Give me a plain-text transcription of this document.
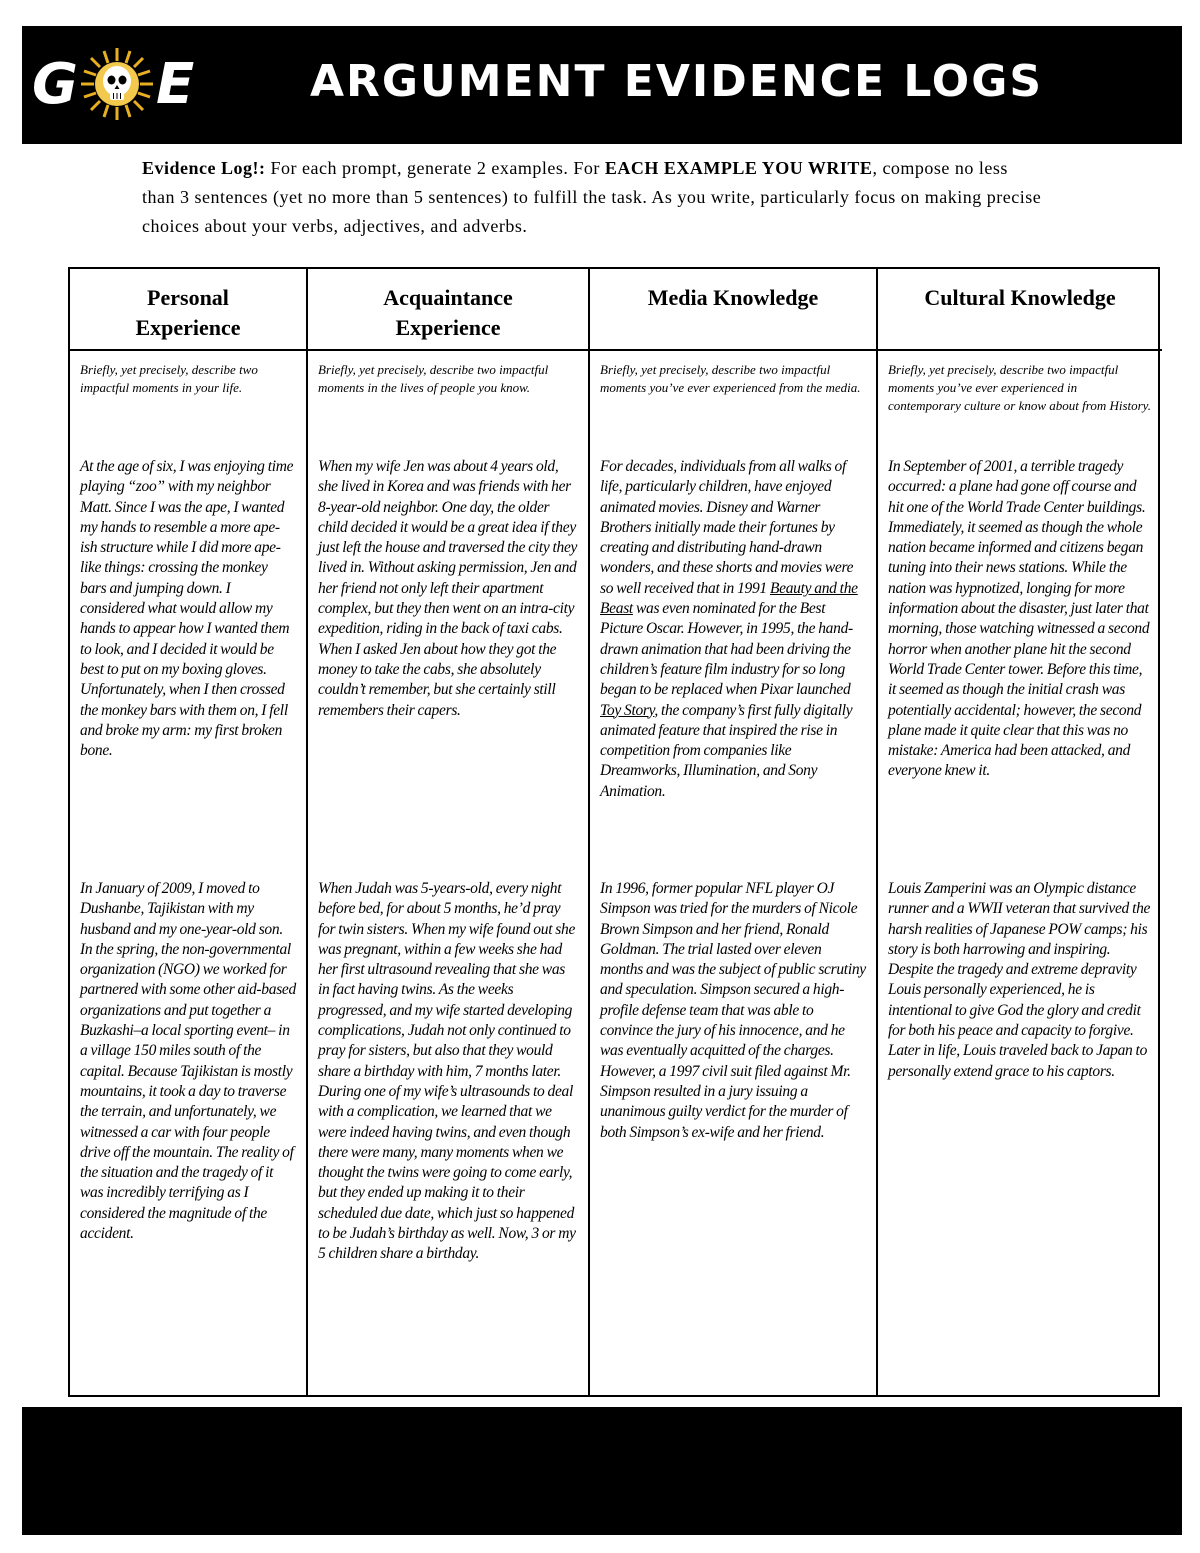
G E	ARGUMENT EVIDENCE LOGS
Evidence Log!: For each prompt, generate 2 examples. For EACH EXAMPLE YOU WRITE, compose no less than 3 sentences (yet no more than 5 sentences) to fulfill the task. As you write, particularly focus on making precise choices about your verbs, adjectives, and adverbs.
Personal
Experience
Briefly, yet precisely, describe two impactful moments in your life.
At the age of six, I was enjoying time playing “zoo” with my neighbor Matt. Since I was the ape, I wanted my hands to resemble a more ape-ish structure while I did more ape-like things: crossing the monkey bars and jumping down. I considered what would allow my hands to appear how I wanted them to look, and I decided it would be best to put on my boxing gloves. Unfortunately, when I then crossed the monkey bars with them on, I fell and broke my arm: my first broken bone.
In January of 2009, I moved to Dushanbe, Tajikistan with my husband and my one-year-old son. In the spring, the non-governmental organization (NGO) we worked for partnered with some other aid-based organizations and put together a Buzkashi–a local sporting event– in a village 150 miles south of the capital. Because Tajikistan is mostly mountains, it took a day to traverse the terrain, and unfortunately, we witnessed a car with four people drive off the mountain. The reality of the situation and the tragedy of it was incredibly terrifying as I considered the magnitude of the accident.
Acquaintance
Experience
Briefly, yet precisely, describe two impactful moments in the lives of people you know.
When my wife Jen was about 4 years old, she lived in Korea and was friends with her 8-year-old neighbor. One day, the older child decided it would be a great idea if they just left the house and traversed the city they lived in. Without asking permission, Jen and her friend not only left their apartment complex, but they then went on an intra-city expedition, riding in the back of taxi cabs. When I asked Jen about how they got the money to take the cabs, she absolutely couldn’t remember, but she certainly still remembers their capers.
When Judah was 5-years-old, every night before bed, for about 5 months, he’d pray for twin sisters. When my wife found out she was pregnant, within a few weeks she had her first ultrasound revealing that she was in fact having twins. As the weeks progressed, and my wife started developing complications, Judah not only continued to pray for sisters, but also that they would share a birthday with him, 7 months later. During one of my wife’s ultrasounds to deal with a complication, we learned that we were indeed having twins, and even though there were many, many moments when we thought the twins were going to come early, but they ended up making it to their scheduled due date, which just so happened to be Judah’s birthday as well. Now, 3 or my 5 children share a birthday.
Media Knowledge
Briefly, yet precisely, describe two impactful moments you’ve ever experienced from the media.
For decades, individuals from all walks of life, particularly children, have enjoyed animated movies. Disney and Warner Brothers initially made their fortunes by creating and distributing hand-drawn wonders, and these shorts and movies were so well received that in 1991 Beauty and the Beast was even nominated for the Best Picture Oscar. However, in 1995, the hand-drawn animation that had been driving the children’s feature film industry for so long began to be replaced when Pixar launched Toy Story, the company’s first fully digitally animated feature that inspired the rise in competition from companies like Dreamworks, Illumination, and Sony Animation.
In 1996, former popular NFL player OJ Simpson was tried for the murders of Nicole Brown Simpson and her friend, Ronald Goldman. The trial lasted over eleven months and was the subject of public scrutiny and speculation. Simpson secured a high-profile defense team that was able to convince the jury of his innocence, and he was eventually acquitted of the charges. However, a 1997 civil suit filed against Mr. Simpson resulted in a jury issuing a unanimous guilty verdict for the murder of both Simpson’s ex-wife and her friend.
Cultural Knowledge
Briefly, yet precisely, describe two impactful moments you’ve ever experienced in contemporary culture or know about from History.
In September of 2001, a terrible tragedy occurred: a plane had gone off course and hit one of the World Trade Center buildings. Immediately, it seemed as though the whole nation became informed and citizens began tuning into their news stations. While the nation was hypnotized, longing for more information about the disaster, just later that morning, those watching witnessed a second horror when another plane hit the second World Trade Center tower. Before this time, it seemed as though the initial crash was potentially accidental; however, the second plane made it quite clear that this was no mistake: America had been attacked, and everyone knew it.
Louis Zamperini was an Olympic distance runner and a WWII veteran that survived the harsh realities of Japanese POW camps; his story is both harrowing and inspiring. Despite the tragedy and extreme depravity Louis personally experienced, he is intentional to give God the glory and credit for both his peace and capacity to forgive. Later in life, Louis traveled back to Japan to personally extend grace to his captors.
